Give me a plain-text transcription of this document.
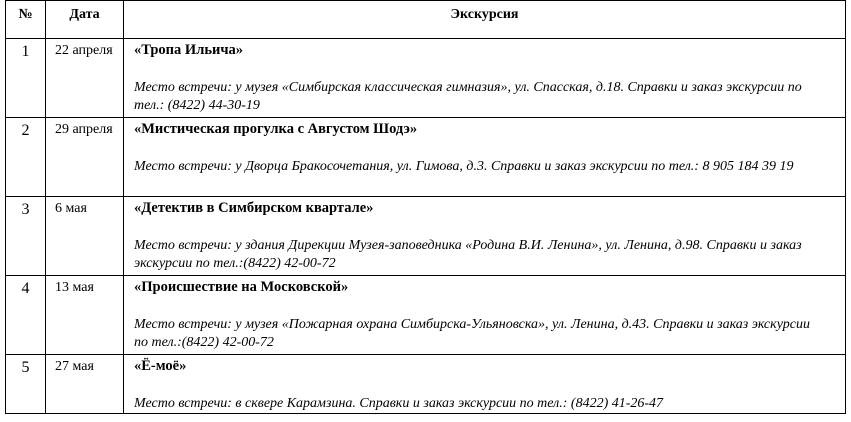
№	Дата	Экскурсия
1	22 апреля	«Тропа Ильича»
Место встречи: у музея «Симбирская классическая гимназия», ул. Спасская, д.18. Справки и заказ экскурсии по тел.: (8422) 44-30-19

2	29 апреля	«Мистическая прогулка с Августом Шодэ»
Место встречи: у Дворца Бракосочетания, ул. Гимова, д.3. Справки и заказ экскурсии по тел.: 8 905 184 39 19

3	6 мая	«Детектив в Симбирском квартале»
Место встречи: у здания Дирекции Музея-заповедника «Родина В.И. Ленина», ул. Ленина, д.98. Справки и заказ экскурсии по тел.:(8422) 42-00-72

4	13 мая	«Происшествие на Московской»
Место встречи: у музея «Пожарная охрана Симбирска-Ульяновска», ул. Ленина, д.43. Справки и заказ экскурсии по тел.:(8422) 42-00-72

5	27 мая	«Ё-моё»
Место встречи: в сквере Карамзина. Справки и заказ экскурсии по тел.: (8422) 41-26-47
